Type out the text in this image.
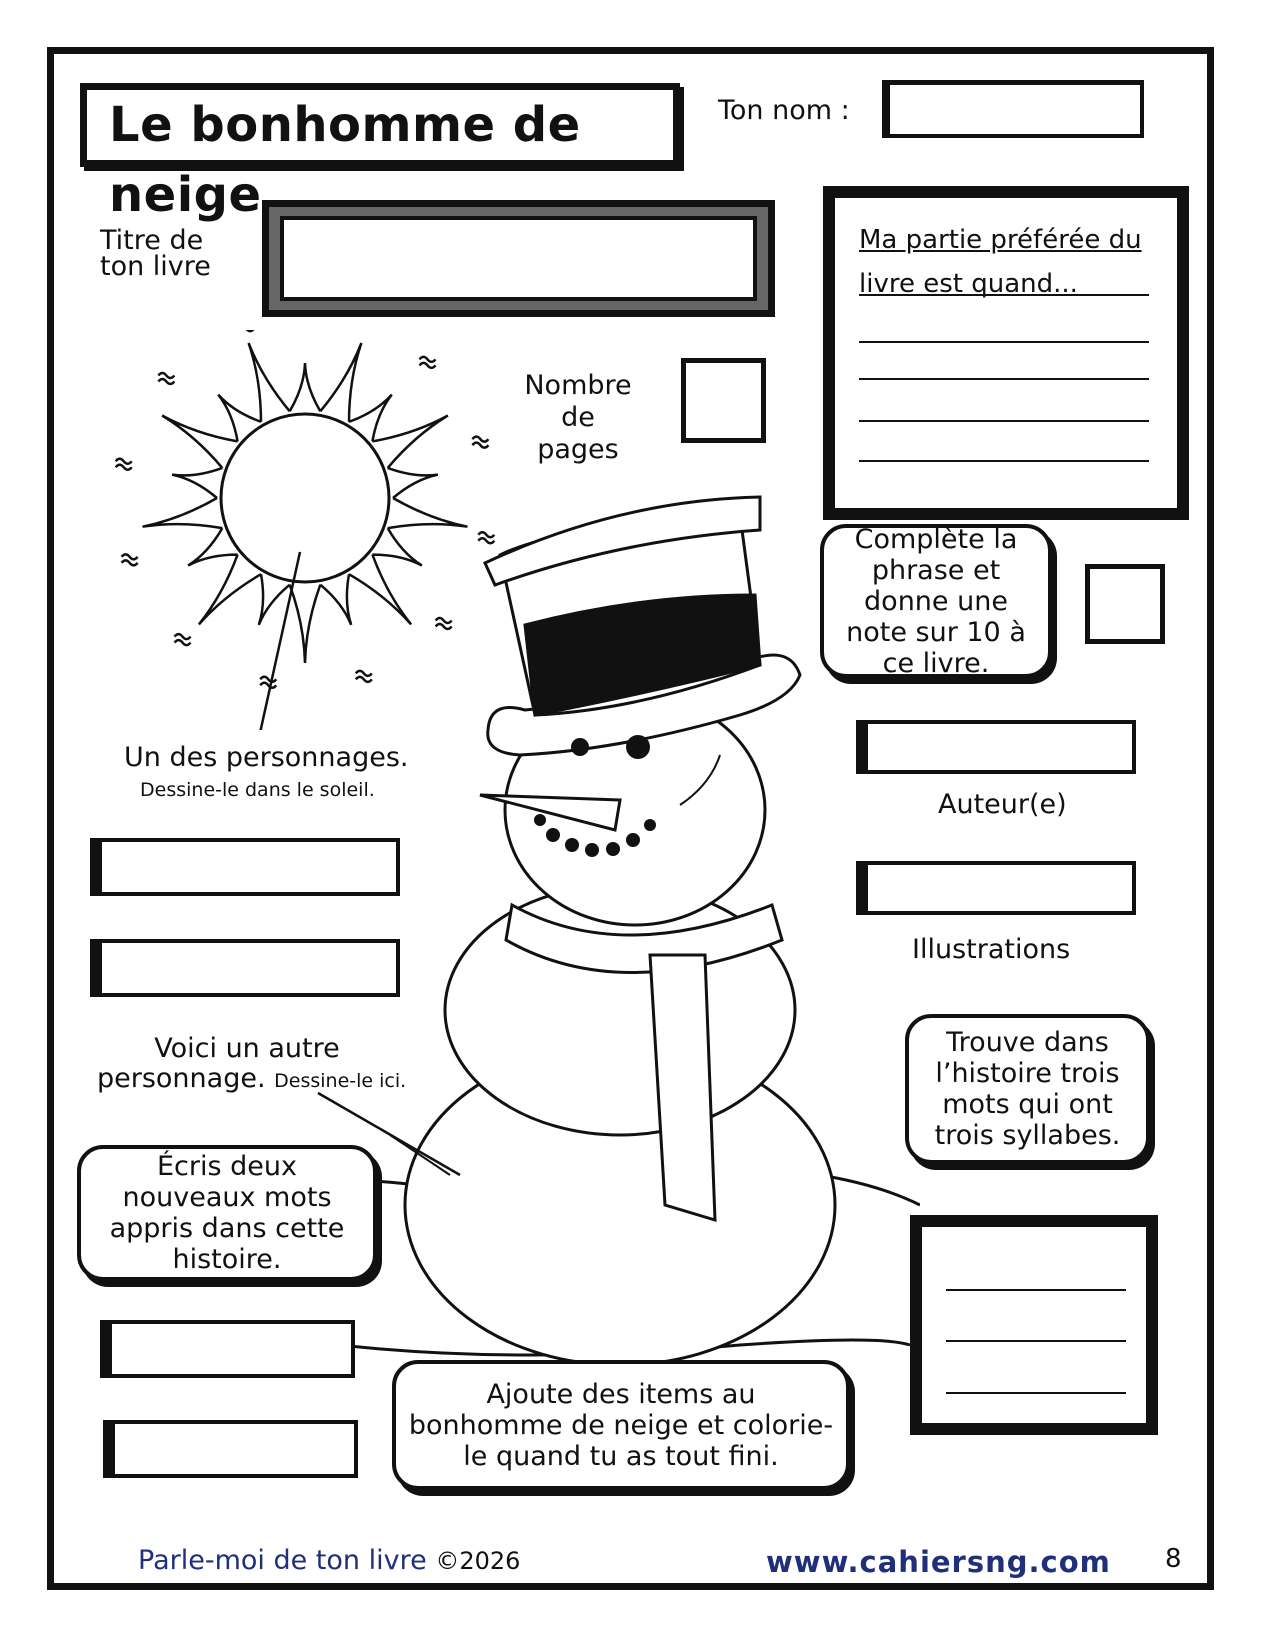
Le bonhomme de neige
Ton nom :
Titre de
ton livre
Ma partie préférée du
livre est quand...
Nombre
de pages
Un des personnages.
Dessine-le dans le soleil.
Voici un autre
personnage. Dessine-le ici.
Complète la phrase et donne une note sur 10 à ce livre.
Auteur(e)
Illustrations
Trouve dans l’histoire trois mots qui ont trois syllabes.
Écris deux nouveaux mots appris dans cette histoire.
Ajoute des items au bonhomme de neige et colorie-le quand tu as tout fini.
Parle-moi de ton livre ©2026	www.cahiersng.com 8
